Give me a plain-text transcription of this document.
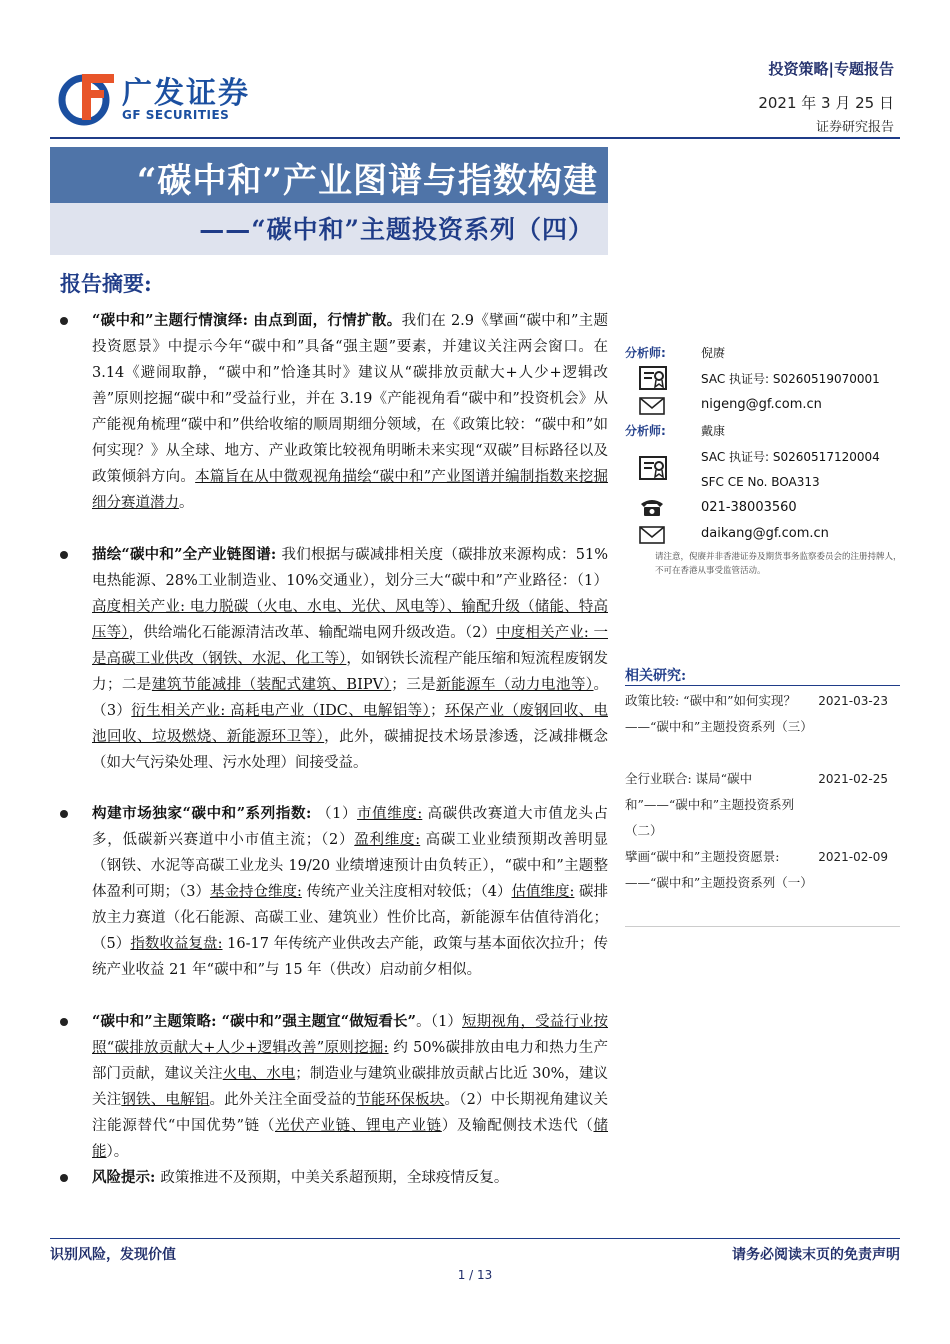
广发证券
GF SECURITIES
投资策略|专题报告
2021 年 3 月 25 日
证券研究报告
“碳中和”产业图谱与指数构建
——“碳中和”主题投资系列（四）
报告摘要:
“碳中和”主题行情演绎: 由点到面，行情扩散。我们在 2.9《擘画“碳中和”主题投资愿景》中提示今年“碳中和”具备“强主题”要素，并建议关注两会窗口。在 3.14《避闹取静，“碳中和”恰逢其时》建议从“碳排放贡献大+人少+逻辑改善”原则挖掘“碳中和”受益行业，并在 3.19《产能视角看“碳中和”投资机会》从产能视角梳理“碳中和”供给收缩的顺周期细分领域，在《政策比较：“碳中和”如何实现？》从全球、地方、产业政策比较视角明晰未来实现“双碳”目标路径以及政策倾斜方向。本篇旨在从中微观视角描绘“碳中和”产业图谱并编制指数来挖掘细分赛道潜力。
描绘“碳中和”全产业链图谱: 我们根据与碳减排相关度（碳排放来源构成：51%电热能源、28%工业制造业、10%交通业），划分三大“碳中和”产业路径：（1）高度相关产业: 电力脱碳（火电、水电、光伏、风电等）、输配升级（储能、特高压等），供给端化石能源清洁改革、输配端电网升级改造。（2）中度相关产业: 一是高碳工业供改（钢铁、水泥、化工等），如钢铁长流程产能压缩和短流程废钢发力；二是建筑节能减排（装配式建筑、BIPV）；三是新能源车（动力电池等）。（3）衍生相关产业: 高耗电产业（IDC、电解铝等）；环保产业（废钢回收、电池回收、垃圾燃烧、新能源环卫等），此外，碳捕捉技术场景渗透，泛减排概念（如大气污染处理、污水处理）间接受益。
构建市场独家“碳中和”系列指数: （1）市值维度: 高碳供改赛道大市值龙头占多，低碳新兴赛道中小市值主流；（2）盈利维度: 高碳工业业绩预期改善明显（钢铁、水泥等高碳工业龙头 19/20 业绩增速预计由负转正），“碳中和”主题整体盈利可期；（3）基金持仓维度: 传统产业关注度相对较低；（4）估值维度: 碳排放主力赛道（化石能源、高碳工业、建筑业）性价比高，新能源车估值待消化；（5）指数收益复盘: 16-17 年传统产业供改去产能，政策与基本面依次拉升；传统产业收益 21 年“碳中和”与 15 年（供改）启动前夕相似。
“碳中和”主题策略: “碳中和”强主题宜“做短看长”。（1）短期视角，受益行业按照“碳排放贡献大+人少+逻辑改善”原则挖掘: 约 50%碳排放由电力和热力生产部门贡献，建议关注火电、水电；制造业与建筑业碳排放贡献占比近 30%，建议关注钢铁、电解铝。此外关注全面受益的节能环保板块。（2）中长期视角建议关注能源替代“中国优势”链（光伏产业链、锂电产业链）及输配侧技术迭代（储能）。
风险提示: 政策推进不及预期，中美关系超预期，全球疫情反复。
分析师:	倪赓
SAC 执证号: S0260519070001
nigeng@gf.com.cn
分析师:	戴康
SAC 执证号: S0260517120004
SFC CE No. BOA313
021-38003560
daikang@gf.com.cn
请注意，倪赓并非香港证券及期货事务监察委员会的注册持牌人，不可在香港从事受监管活动。
相关研究:
政策比较: “碳中和”如何实现？——“碳中和”主题投资系列（三）
2021-03-23
全行业联合: 谋局“碳中和”——“碳中和”主题投资系列（二）
2021-02-25
擘画“碳中和”主题投资愿景:——“碳中和”主题投资系列（一）
2021-02-09
识别风险，发现价值	请务必阅读末页的免责声明
1 / 13
